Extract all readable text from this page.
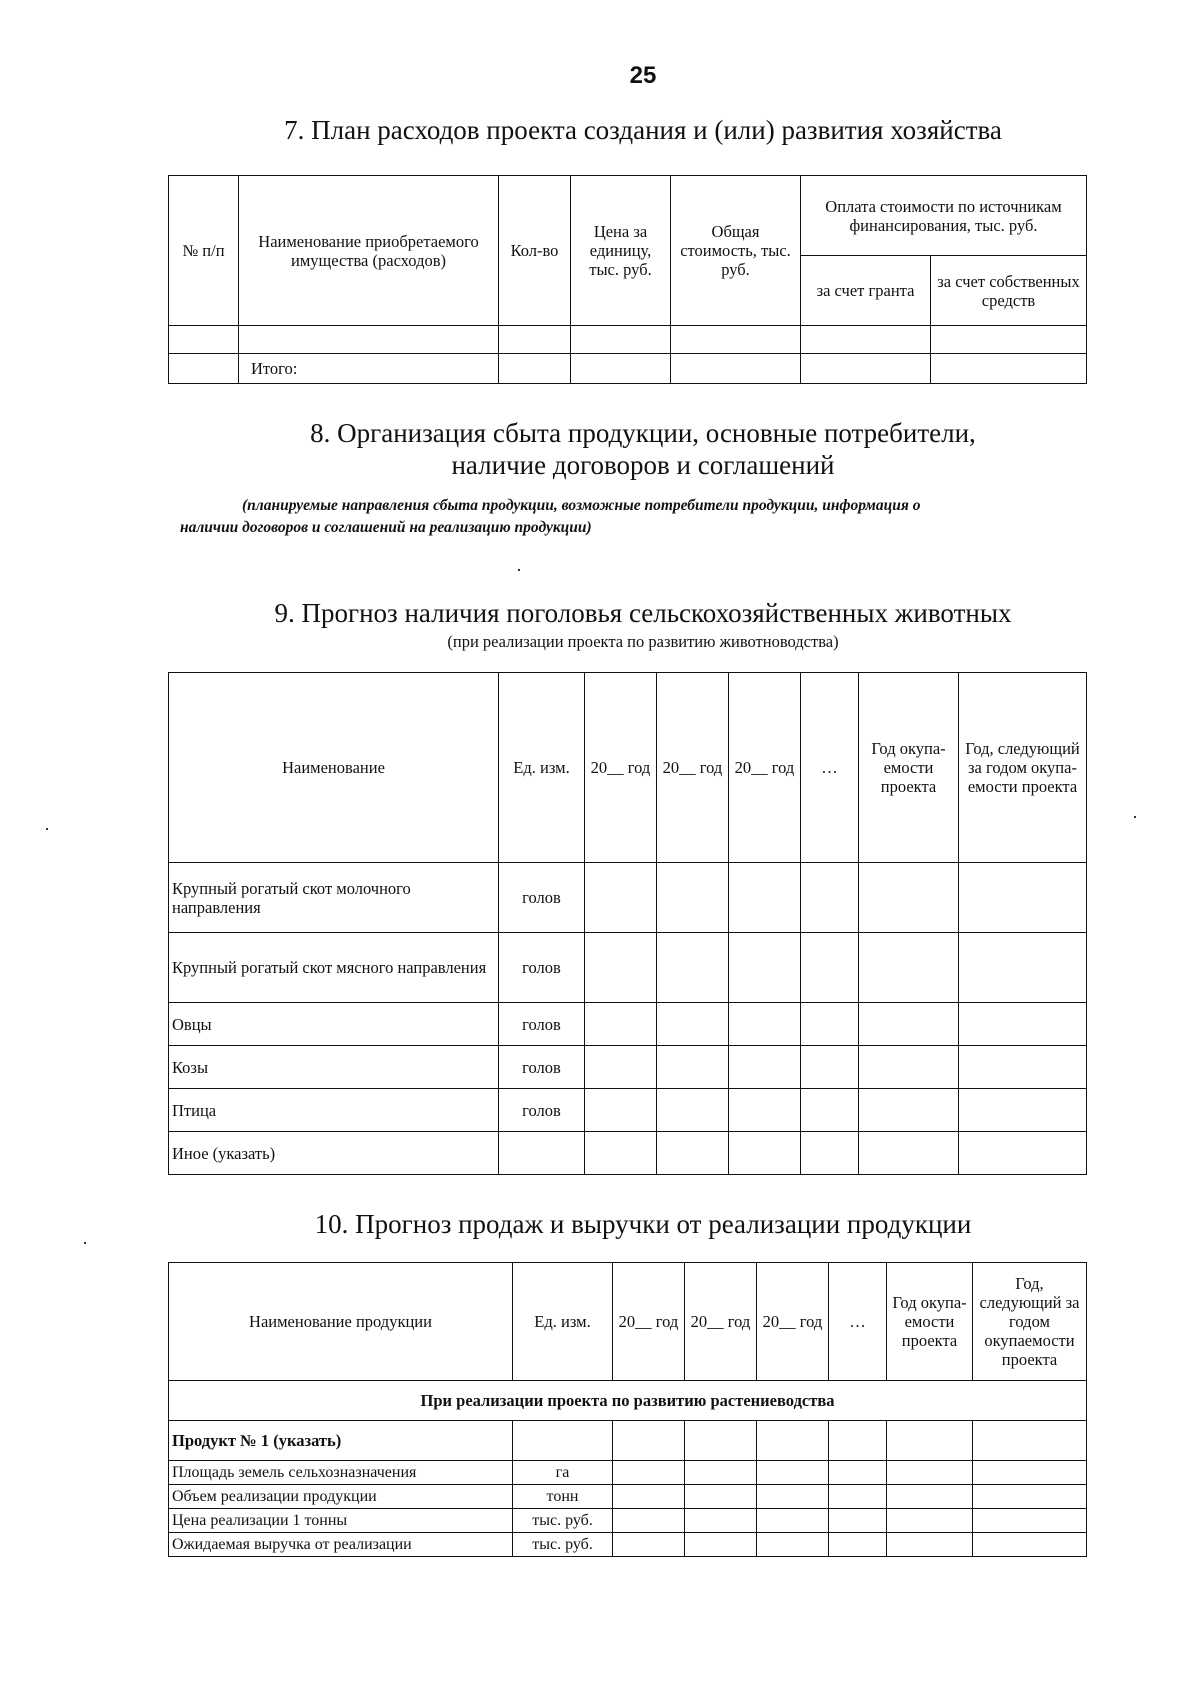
25
7. План расходов проекта создания и (или) развития хозяйства
№ п/п	Наименование приобретаемого имущества (расходов)	Кол-во	Цена за единицу, тыс. руб.	Общая стоимость, тыс. руб.	Оплата стоимости по источникам финансирования, тыс. руб.	
					за счет гранта	за счет собственных средств

	Итого:					
8. Организация сбыта продукции, основные потребители,
наличие договоров и соглашений
(планируемые направления сбыта продукции, возможные потребители продукции, информация о
наличии договоров и соглашений на реализацию продукции)
9. Прогноз наличия поголовья сельскохозяйственных животных
(при реализации проекта по развитию животноводства)
Наименование	Ед. изм.	20__ год	20__ год	20__ год	…	Год окупа-емости проекта	Год, следующий за годом окупа-емости проекта
Крупный рогатый скот молочного направления	голов						
Крупный рогатый скот мясного направления	голов						
Овцы	голов						
Козы	голов						
Птица	голов						
Иное (указать)							
10. Прогноз продаж и выручки от реализации продукции
Наименование продукции	Ед. изм.	20__ год	20__ год	20__ год	…	Год окупа-емости проекта	Год, следующий за годом окупаемости проекта
При реализации проекта по развитию растениеводства							
Продукт № 1 (указать)							
Площадь земель сельхозназначения	га						
Объем реализации продукции	тонн						
Цена реализации 1 тонны	тыс. руб.						
Ожидаемая выручка от реализации	тыс. руб.						
